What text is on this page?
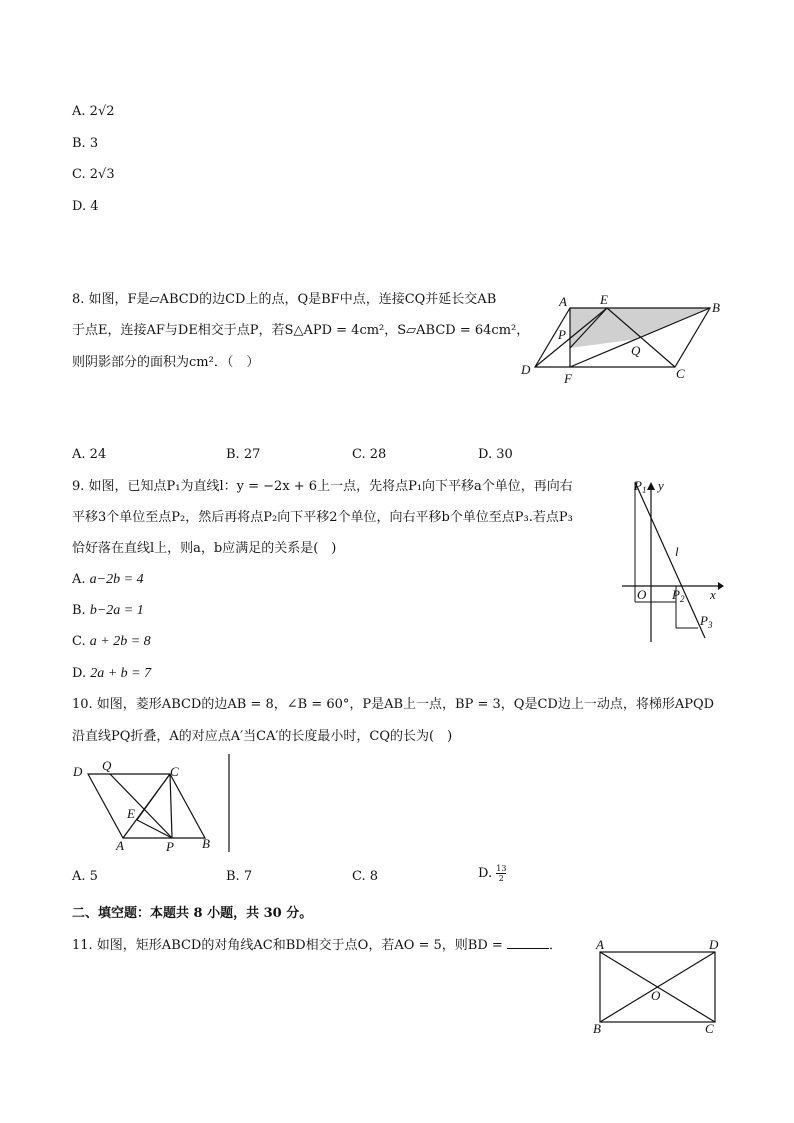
A. 2√2
B. 3
C. 2√3
D. 4
8. 如图，F是▱ABCD的边CD上的点，Q是BF中点，连接CQ并延长交AB
于点E，连接AF与DE相交于点P，若S△APD = 4cm²，S▱ABCD = 64cm²，
则阴影部分的面积为cm²．（　）
A	E
B
P
Q
D
F	C
A. 24	B. 27	C. 28	D. 30
9. 如图，已知点P₁为直线l：y = −2x + 6上一点，先将点P₁向下平移a个单位，再向右
平移3个单位至点P₂，然后再将点P₂向下平移2个单位，向右平移b个单位至点P₃.若点P₃
恰好落在直线l上，则a，b应满足的关系是(　)
$P_1$ y
l
O $P_2$ x
$P_3$
A. a−2b = 4
B. b−2a = 1
C. a + 2b = 8
D. 2a + b = 7
10. 如图，菱形ABCD的边AB = 8，∠B = 60°，P是AB上一点，BP = 3，Q是CD边上一动点，将梯形APQD
沿直线PQ折叠，A的对应点A′当CA′的长度最小时，CQ的长为(　)
D Q	C
E
A	P B
A. 5	B. 7	C. 8	D. $\frac{13}{2}$
二、填空题：本题共 8 小题，共 30 分。
11. 如图，矩形ABCD的对角线AC和BD相交于点O，若AO = 5，则BD =	．	A	D
O
B	C
